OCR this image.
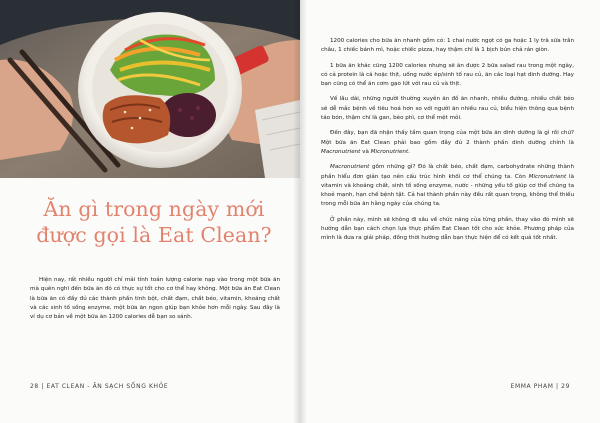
Ăn gì trong ngày mới
được gọi là Eat Clean?

Hiện nay, rất nhiều người chỉ mải tính toán lượng calorie nạp vào trong một bữa ăn mà quên nghĩ đến bữa ăn đó có thực sự tốt cho cơ thể hay không. Một bữa ăn Eat Clean là bữa ăn có đầy đủ các thành phần tinh bột, chất đạm, chất béo, vitamin, khoáng chất và các sinh tố sống enzyme, một bữa ăn ngon giúp bạn khỏe hơn mỗi ngày. Sau đây là ví dụ cơ bản về một bữa ăn 1200 calories dễ bạn so sánh.

28 | EAT CLEAN - ĂN SẠCH SỐNG KHỎE

1200 calories cho bữa ăn nhanh gồm có: 1 chai nước ngọt có ga hoặc 1 ly trà sữa trân châu, 1 chiếc bánh mì, hoặc chiếc pizza, hay thậm chí là 1 bịch bún chả rán giòn.

1 bữa ăn khác cũng 1200 calories nhưng sẽ ăn được 2 bữa salad rau trong một ngày, có cả protein là cá hoặc thịt, uống nước ép/sinh tố rau củ, ăn các loại hạt dinh dưỡng. Hay bạn cũng có thể ăn cơm gạo lứt với rau củ và thịt.

Về lâu dài, những người thường xuyên ăn đồ ăn nhanh, nhiều đường, nhiều chất béo sẽ dễ mắc bệnh về tiêu hoá hơn so với người ăn nhiều rau củ, biểu hiện thông qua bệnh táo bón, thậm chí là gan, béo phì, cơ thể mệt mỏi.

Đến đây, bạn đã nhận thấy tầm quan trọng của một bữa ăn dinh dưỡng là gì rồi chứ? Một bữa ăn Eat Clean phải bao gồm đầy đủ 2 thành phần dinh dưỡng chính là Macronutrient và Micronutrient.

Macronutrient gồm những gì? Đó là chất béo, chất đạm, carbohydrate những thành phần hiểu đơn giản tạo nên cấu trúc hình khối cơ thể chúng ta. Còn Micronutrient là vitamin và khoáng chất, sinh tố sống enzyme, nước - những yếu tố giúp cơ thể chúng ta khoẻ mạnh, hạn chế bệnh tật. Cả hai thành phần này đều rất quan trọng, không thể thiếu trong mỗi bữa ăn hằng ngày của chúng ta.

Ở phần này, mình sẽ không đi sâu về chức năng của từng phần, thay vào đó mình sẽ hướng dẫn bạn cách chọn lựa thực phẩm Eat Clean tốt cho sức khỏe. Phương pháp của mình là đưa ra giải pháp, đồng thời hướng dẫn bạn thực hiện để có kết quả tốt nhất.

EMMA PHẠM | 29
